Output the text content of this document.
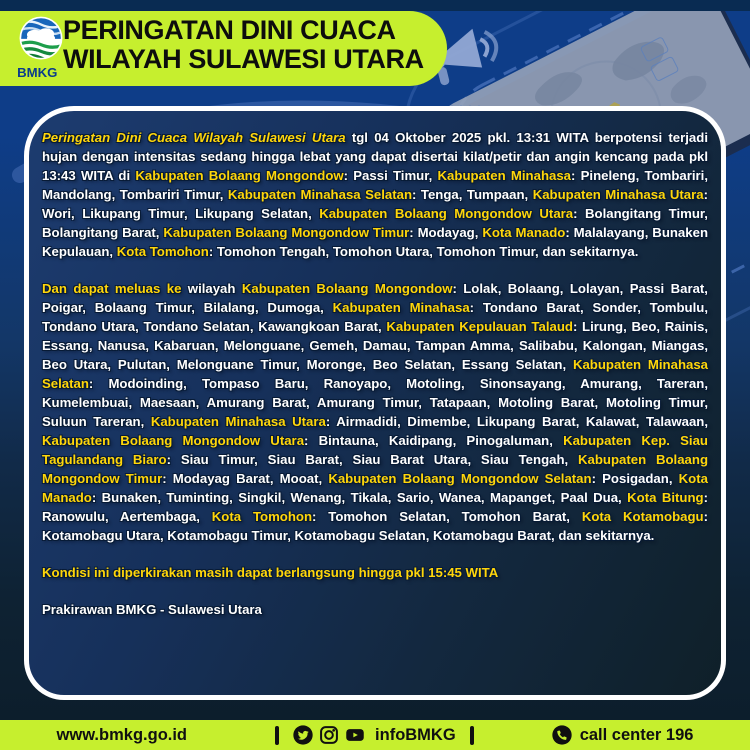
BMKG
PERINGATAN DINI CUACA
WILAYAH SULAWESI UTARA

Peringatan Dini Cuaca Wilayah Sulawesi Utara tgl 04 Oktober 2025 pkl. 13:31 WITA berpotensi terjadi hujan dengan intensitas sedang hingga lebat yang dapat disertai kilat/petir dan angin kencang pada pkl 13:43 WITA di Kabupaten Bolaang Mongondow: Passi Timur, Kabupaten Minahasa: Pineleng, Tombariri, Mandolang, Tombariri Timur, Kabupaten Minahasa Selatan: Tenga, Tumpaan, Kabupaten Minahasa Utara: Wori, Likupang Timur, Likupang Selatan, Kabupaten Bolaang Mongondow Utara: Bolangitang Timur, Bolangitang Barat, Kabupaten Bolaang Mongondow Timur: Modayag, Kota Manado: Malalayang, Bunaken Kepulauan, Kota Tomohon: Tomohon Tengah, Tomohon Utara, Tomohon Timur, dan sekitarnya.

Dan dapat meluas ke wilayah Kabupaten Bolaang Mongondow: Lolak, Bolaang, Lolayan, Passi Barat, Poigar, Bolaang Timur, Bilalang, Dumoga, Kabupaten Minahasa: Tondano Barat, Sonder, Tombulu, Tondano Utara, Tondano Selatan, Kawangkoan Barat, Kabupaten Kepulauan Talaud: Lirung, Beo, Rainis, Essang, Nanusa, Kabaruan, Melonguane, Gemeh, Damau, Tampan Amma, Salibabu, Kalongan, Miangas, Beo Utara, Pulutan, Melonguane Timur, Moronge, Beo Selatan, Essang Selatan, Kabupaten Minahasa Selatan: Modoinding, Tompaso Baru, Ranoyapo, Motoling, Sinonsayang, Amurang, Tareran, Kumelembuai, Maesaan, Amurang Barat, Amurang Timur, Tatapaan, Motoling Barat, Motoling Timur, Suluun Tareran, Kabupaten Minahasa Utara: Airmadidi, Dimembe, Likupang Barat, Kalawat, Talawaan, Kabupaten Bolaang Mongondow Utara: Bintauna, Kaidipang, Pinogaluman, Kabupaten Kep. Siau Tagulandang Biaro: Siau Timur, Siau Barat, Siau Barat Utara, Siau Tengah, Kabupaten Bolaang Mongondow Timur: Modayag Barat, Mooat, Kabupaten Bolaang Mongondow Selatan: Posigadan, Kota Manado: Bunaken, Tuminting, Singkil, Wenang, Tikala, Sario, Wanea, Mapanget, Paal Dua, Kota Bitung: Ranowulu, Aertembaga, Kota Tomohon: Tomohon Selatan, Tomohon Barat, Kota Kotamobagu: Kotamobagu Utara, Kotamobagu Timur, Kotamobagu Selatan, Kotamobagu Barat, dan sekitarnya.

Kondisi ini diperkirakan masih dapat berlangsung hingga pkl 15:45 WITA

Prakirawan BMKG - Sulawesi Utara

www.bmkg.go.id	infoBMKG	call center 196
